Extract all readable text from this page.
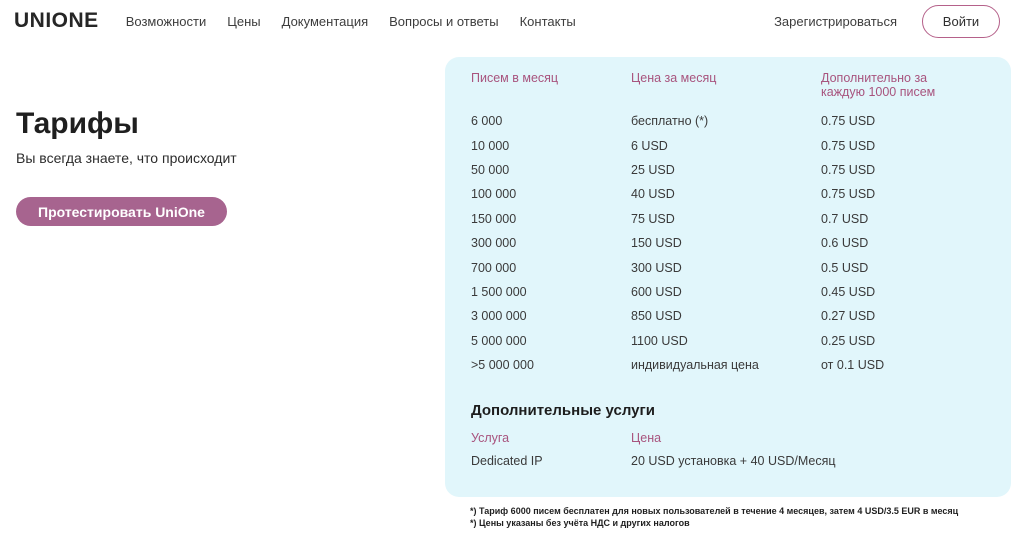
UNIONE Возможности Цены Документация Вопросы и ответы Контакты	Зарегистрироваться	Войти
Тарифы

Вы всегда знаете, что происходит

Протестировать UniOne
Писем в месяц	Цена за месяц	Дополнительно за каждую 1000 писем
6 000	бесплатно (*)	0.75 USD
10 000	6 USD	0.75 USD
50 000	25 USD	0.75 USD
100 000	40 USD	0.75 USD
150 000	75 USD	0.7 USD
300 000	150 USD	0.6 USD
700 000	300 USD	0.5 USD
1 500 000	600 USD	0.45 USD
3 000 000	850 USD	0.27 USD
5 000 000	1100 USD	0.25 USD
>5 000 000	индивидуальная цена	от 0.1 USD
Дополнительные услуги
Услуга	Цена
Dedicated IP	20 USD установка + 40 USD/Месяц

*) Тариф 6000 писем бесплатен для новых пользователей в течение 4 месяцев, затем 4 USD/3.5 EUR в месяц

*) Цены указаны без учёта НДС и других налогов
